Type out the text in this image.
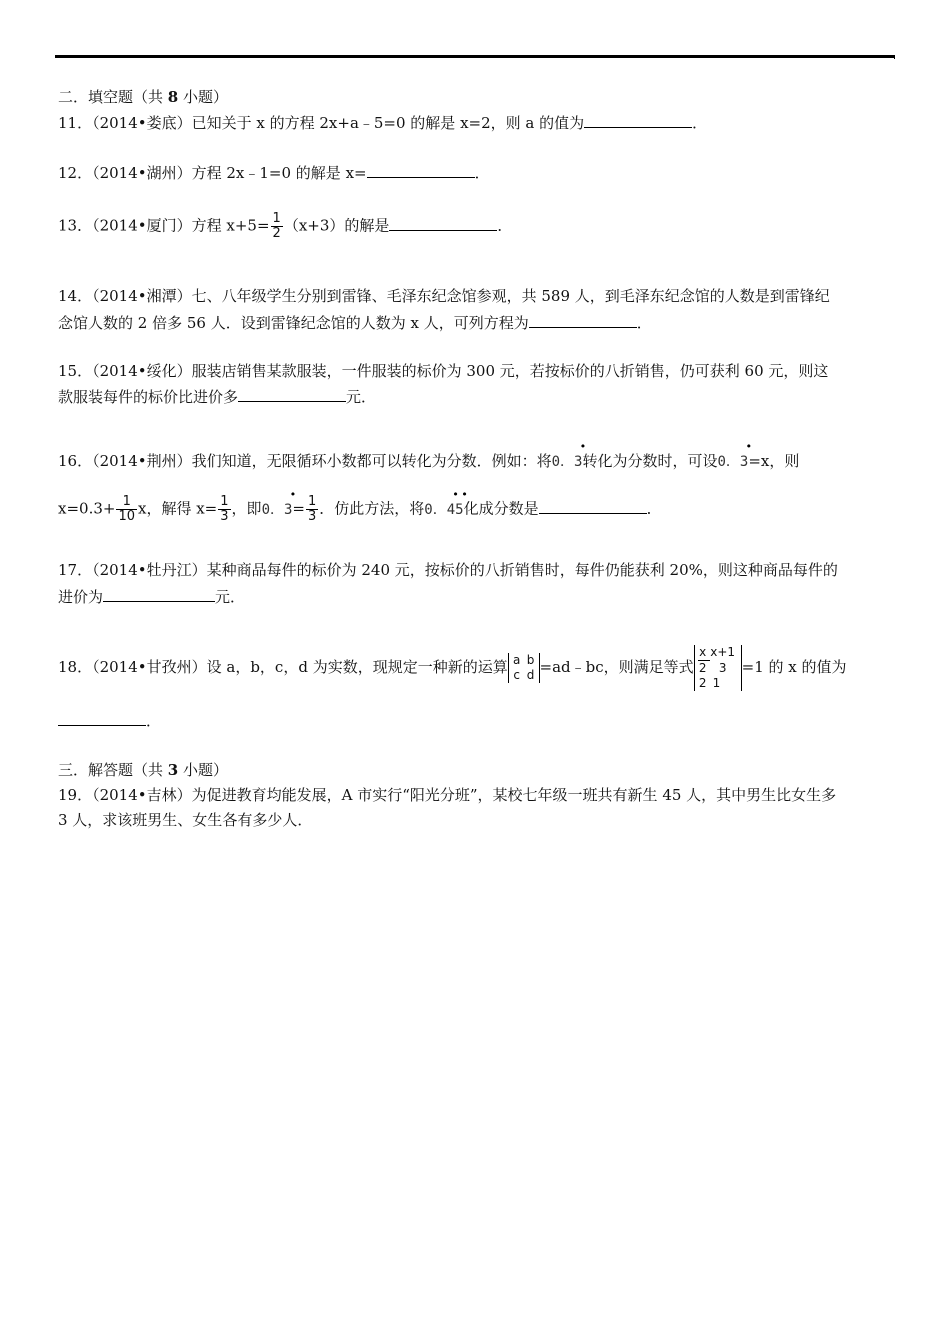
二．填空题（共 8 小题）
11．（2014•娄底）已知关于 x 的方程 2x+a﹣5=0 的解是 x=2，则 a 的值为	．
12．（2014•湖州）方程 2x﹣1=0 的解是 x=	．
13．（2014•厦门）方程 $x+5= \frac{1}{2} (x+3)$的解是	．
14．（2014•湘潭）七、八年级学生分别到雷锋、毛泽东纪念馆参观，共 589 人，到毛泽东纪念馆的人数是到雷锋纪
念馆人数的 2 倍多 56 人．设到雷锋纪念馆的人数为 x 人，可列方程为	．
15．（2014•绥化）服装店销售某款服装，一件服装的标价为 300 元，若按标价的八折销售，仍可获利 60 元，则这
款服装每件的标价比进价多	元．
16．（2014•荆州）我们知道，无限循环小数都可以转化为分数．例如：将0．3
•
转化为分数时，可设0．3
•
=x，则
$x=0.3+ \frac{1}{10}$ x，解得 $x= \frac{1}{3}$ ，即0．3
•
= $\frac{1}{3}$ ．仿此方法，将0．45
• •
化成分数是	．
17．（2014•牡丹江）某种商品每件的标价为 240 元，按标价的八折销售时，每件仍能获利 20%，则这种商品每件的
进价为	元．
18．（2014•甘孜州）设 a，b，c，d 为实数，现规定一种新的运算 a b
c d =ad﹣bc，则满足等式
x x+1
2 3
2 1
=1 的 x 的值为
．
三．解答题（共 3 小题）
19．（2014•吉林）为促进教育均能发展，A 市实行“阳光分班”，某校七年级一班共有新生 45 人，其中男生比女生多
3 人，求该班男生、女生各有多少人．
